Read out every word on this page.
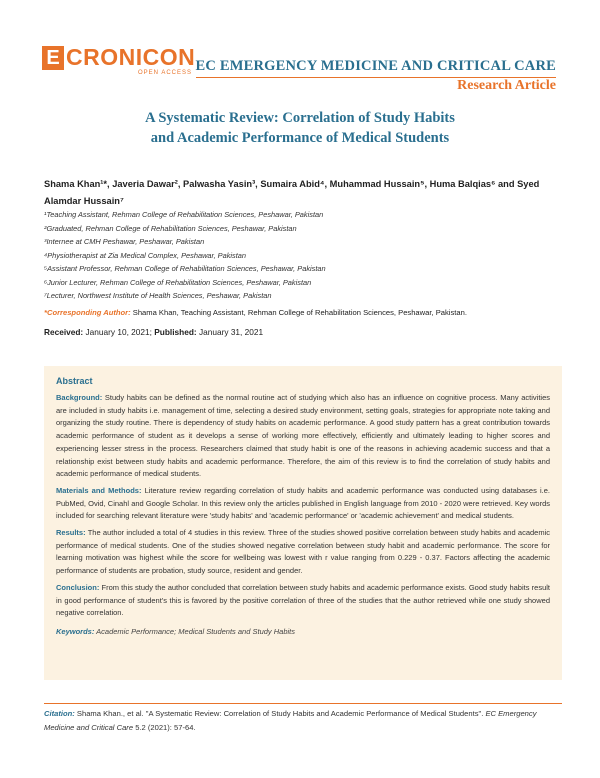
E CRONICON
OPEN ACCESS EC EMERGENCY MEDICINE AND CRITICAL CARE
Research Article
A Systematic Review: Correlation of Study Habits
and Academic Performance of Medical Students
Shama Khan¹*, Javeria Dawar², Palwasha Yasin³, Sumaira Abid⁴, Muhammad Hussain⁵, Huma Balqias⁶ and Syed Alamdar Hussain⁷
¹Teaching Assistant, Rehman College of Rehabilitation Sciences, Peshawar, Pakistan
²Graduated, Rehman College of Rehabilitation Sciences, Peshawar, Pakistan
³Internee at CMH Peshawar, Peshawar, Pakistan
⁴Physiotherapist at Zia Medical Complex, Peshawar, Pakistan
⁵Assistant Professor, Rehman College of Rehabilitation Sciences, Peshawar, Pakistan
⁶Junior Lecturer, Rehman College of Rehabilitation Sciences, Peshawar, Pakistan
⁷Lecturer, Northwest Institute of Health Sciences, Peshawar, Pakistan
*Corresponding Author: Shama Khan, Teaching Assistant, Rehman College of Rehabilitation Sciences, Peshawar, Pakistan.
Received: January 10, 2021; Published: January 31, 2021
Abstract

Background: Study habits can be defined as the normal routine act of studying which also has an influence on cognitive process. Many activities are included in study habits i.e. management of time, selecting a desired study environment, setting goals, strategies for appropriate note taking and organizing the study routine. There is dependency of study habits on academic performance. A good study pattern has a great contribution towards academic performance of student as it develops a sense of working more effectively, efficiently and ultimately leading to higher scores and experiencing lesser stress in the process. Researchers claimed that study habit is one of the reasons in achieving academic success and that a relationship exist between study habits and academic performance. Therefore, the aim of this review is to find the correlation of study habits and academic performance of medical students.

Materials and Methods: Literature review regarding correlation of study habits and academic performance was conducted using databases i.e. PubMed, Ovid, Cinahl and Google Scholar. In this review only the articles published in English language from 2010 - 2020 were retrieved. Key words included for searching relevant literature were 'study habits' and 'academic performance' or 'academic achievement' and medical students.

Results: The author included a total of 4 studies in this review. Three of the studies showed positive correlation between study habits and academic performance of medical students. One of the studies showed negative correlation between study habit and academic performance. The score for learning motivation was highest while the score for wellbeing was lowest with r value ranging from 0.229 - 0.37. Factors affecting the academic performance of students are probation, study source, resident and gender.

Conclusion: From this study the author concluded that correlation between study habits and academic performance exists. Good study habits result in good performance of student's this is favored by the positive correlation of three of the studies that the author retrieved while one study showed negative correlation.

Keywords: Academic Performance; Medical Students and Study Habits
Citation: Shama Khan., et al. "A Systematic Review: Correlation of Study Habits and Academic Performance of Medical Students". EC Emergency Medicine and Critical Care 5.2 (2021): 57-64.
